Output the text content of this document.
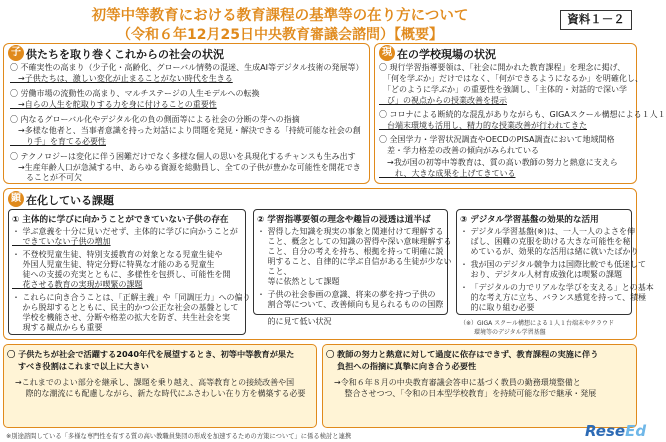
初等中等教育における教育課程の基準等の在り方について
（令和６年12月25日中央教育審議会諮問）【概要】
資料１－２
子 供たちを取り巻くこれからの社会の状況
〇 不確実性の高まり（少子化・高齢化、グローバル情勢の混迷、生成AI等デジタル技術の発展等）
　→子供たちは、激しい変化が止まることがない時代を生きる
〇 労働市場の流動性の高まり、マルチステージの人生モデルへの転換
　→自らの人生を舵取りする力を身に付けることの重要性
〇 内なるグローバル化やデジタル化の負の側面等による社会の分断の芽への指摘
　→多様な他者と、当事者意識を持った対話により問題を発見・解決できる「持続可能な社会の創
　　り手」を育てる必要性
〇 テクノロジーは変化に伴う困難だけでなく多様な個人の思いを具現化するチャンスも生み出す
　→生産年齢人口が急減する中、あらゆる資源を総動員し、全ての子供が豊かな可能性を開花でき
　　ることが不可欠
現 在の学校現場の状況
〇 現行学習指導要領は、「社会に開かれた教育課程」を理念に掲げ、
　「何を学ぶか」だけではなく、「何ができるようになるか」を明確化し、
　「どのように学ぶか」の重要性を強調し、「主体的・対話的で深い学
　び」の視点からの授業改善を提示
〇 コロナによる断続的な混乱がありながらも、GIGAスクール構想による１人１
　台端末環境も活用し、精力的な授業改善が行われてきた
〇 全国学力・学習状況調査やOECDのPISA調査において地域間格
　差・学力格差の改善の傾向がみられている
　→我が国の初等中等教育は、質の高い教師の努力と熱意に支えら
　　れ、大きな成果を上げてきている
顕 在化している課題
① 主体的に学びに向かうことができていない子供の存在
・ 学ぶ意義を十分に見いだせず、主体的に学びに向かうことが
　 できていない子供の増加
・ 不登校児童生徒、特別支援教育の対象となる児童生徒や
　 外国人児童生徒、特定分野に特異な才能のある児童生
　 徒への支援の充実とともに、多様性を包摂し、可能性を開
　 花させる教育の実現が喫緊の課題
・ これらに向き合うことは、「正解主義」や「同調圧力」への偏り
　 から脱却するとともに、民主的かつ公正な社会の基盤として
　 学校を機能させ、分断や格差の拡大を防ぎ、共生社会を実
　 現する観点からも重要
② 学習指導要領の理念や趣旨の浸透は道半ば
・ 習得した知識を現実の事象と関連付けて理解する
　 こと、概念としての知識の習得や深い意味理解する
　 こと、自分の考えを持ち、根拠を持って明確に説
　 明すること、自律的に学ぶ自信がある生徒が少ない
　 こと、
　 等に依然として課題
・ 子供の社会参画の意識、将来の夢を持つ子供の
　 割合等について、改善傾向も見られるものの国際
　 的に見て低い状況
③ デジタル学習基盤の効果的な活用
・ デジタル学習基盤(※)は、一人一人のよさを伸
　 ばし、困難の克服を助ける大きな可能性を秘
　 めているが、効果的な活用は緒に就いたばかり
・ 我が国のデジタル競争力は国際比較でも低迷して
　 おり、デジタル人材育成強化は喫緊の課題
・ 「デジタルの力でリアルな学びを支える」との基本
　 的な考え方に立ち、バランス感覚を持って、積極
　 的に取り組む必要
（※）GIGA スクール構想による１人１台端末やクラウド
環境等のデジタル学習基盤
〇 子供たちが社会で活躍する2040年代を展望するとき、初等中等教育が果た
　 すべき役割はこれまで以上に大きい
　→これまでのよい部分を継承し、課題を乗り越え、高等教育との接続改善や国
　　 際的な潮流にも配慮しながら、新たな時代にふさわしい在り方を構築する必要
〇 教師の努力と熱意に対して過度に依存はできず、教育課程の実施に伴う
　 負担への指摘に真摯に向き合う必要性
　→令和６年８月の中央教育審議会答申に基づく教員の勤務環境整備と
　　 整合させつつ、「令和の日本型学校教育」を持続可能な形で継承・発展
※別途諮問している「多様な専門性を有する質の高い教職員集団の形成を加速するための方策について」に係る検討と連携	ReseEd
